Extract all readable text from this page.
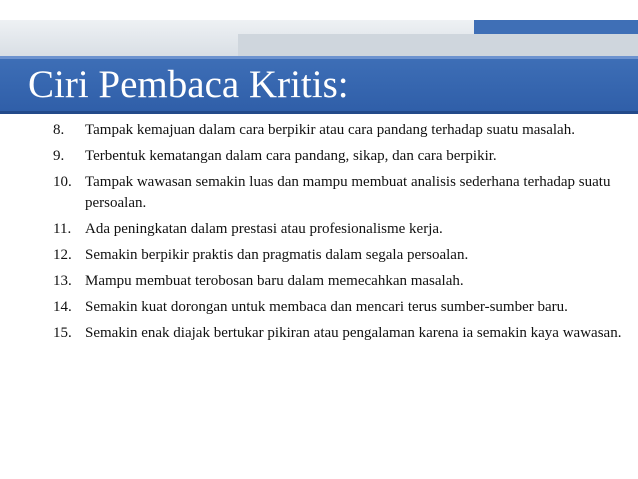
Ciri Pembaca Kritis:
8. Tampak kemajuan dalam cara berpikir atau cara pandang terhadap suatu masalah.
9. Terbentuk kematangan dalam cara pandang, sikap, dan cara berpikir.
10. Tampak wawasan semakin luas dan mampu membuat analisis sederhana terhadap suatu persoalan.
11. Ada peningkatan dalam prestasi atau profesionalisme kerja.
12. Semakin berpikir praktis dan pragmatis dalam segala persoalan.
13. Mampu membuat terobosan baru dalam memecahkan masalah.
14. Semakin kuat dorongan untuk membaca dan mencari terus sumber-sumber baru.
15. Semakin enak diajak bertukar pikiran atau pengalaman karena ia semakin kaya wawasan.
